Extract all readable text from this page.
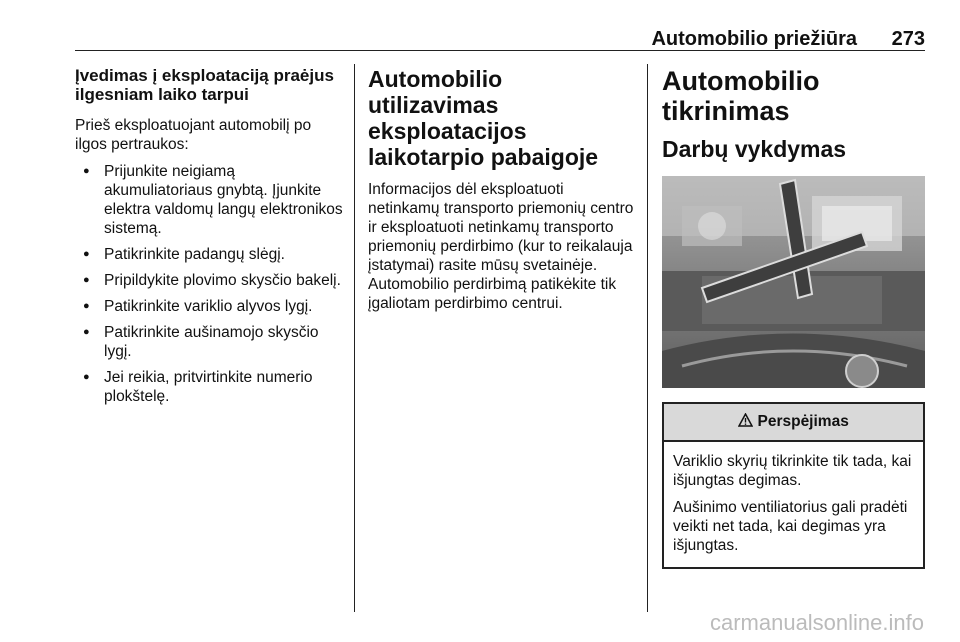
Automobilio priežiūra 273
Įvedimas į eksploataciją praėjus ilgesniam laiko tarpui

Prieš eksploatuojant automobilį po ilgos pertraukos:

● Prijunkite neigiamą akumuliatoriaus gnybtą. Įjunkite elektra valdomų langų elektronikos sistemą.
● Patikrinkite padangų slėgį.
● Pripildykite plovimo skysčio bakelį.
● Patikrinkite variklio alyvos lygį.
● Patikrinkite aušinamojo skysčio lygį.
● Jei reikia, pritvirtinkite numerio plokštelę.
Automobilio utilizavimas eksploatacijos laikotarpio pabaigoje

Informacijos dėl eksploatuoti netinkamų transporto priemonių centro ir eksploatuoti netinkamų transporto priemonių perdirbimo (kur to reikalauja įstatymai) rasite mūsų svetainėje. Automobilio perdirbimą patikėkite tik įgaliotam perdirbimo centrui.

Automobilio tikrinimas
Darbų vykdymas
Perspėjimas

Variklio skyrių tikrinkite tik tada, kai išjungtas degimas.

Aušinimo ventiliatorius gali pradėti veikti net tada, kai degimas yra išjungtas.

carmanualsonline.info
